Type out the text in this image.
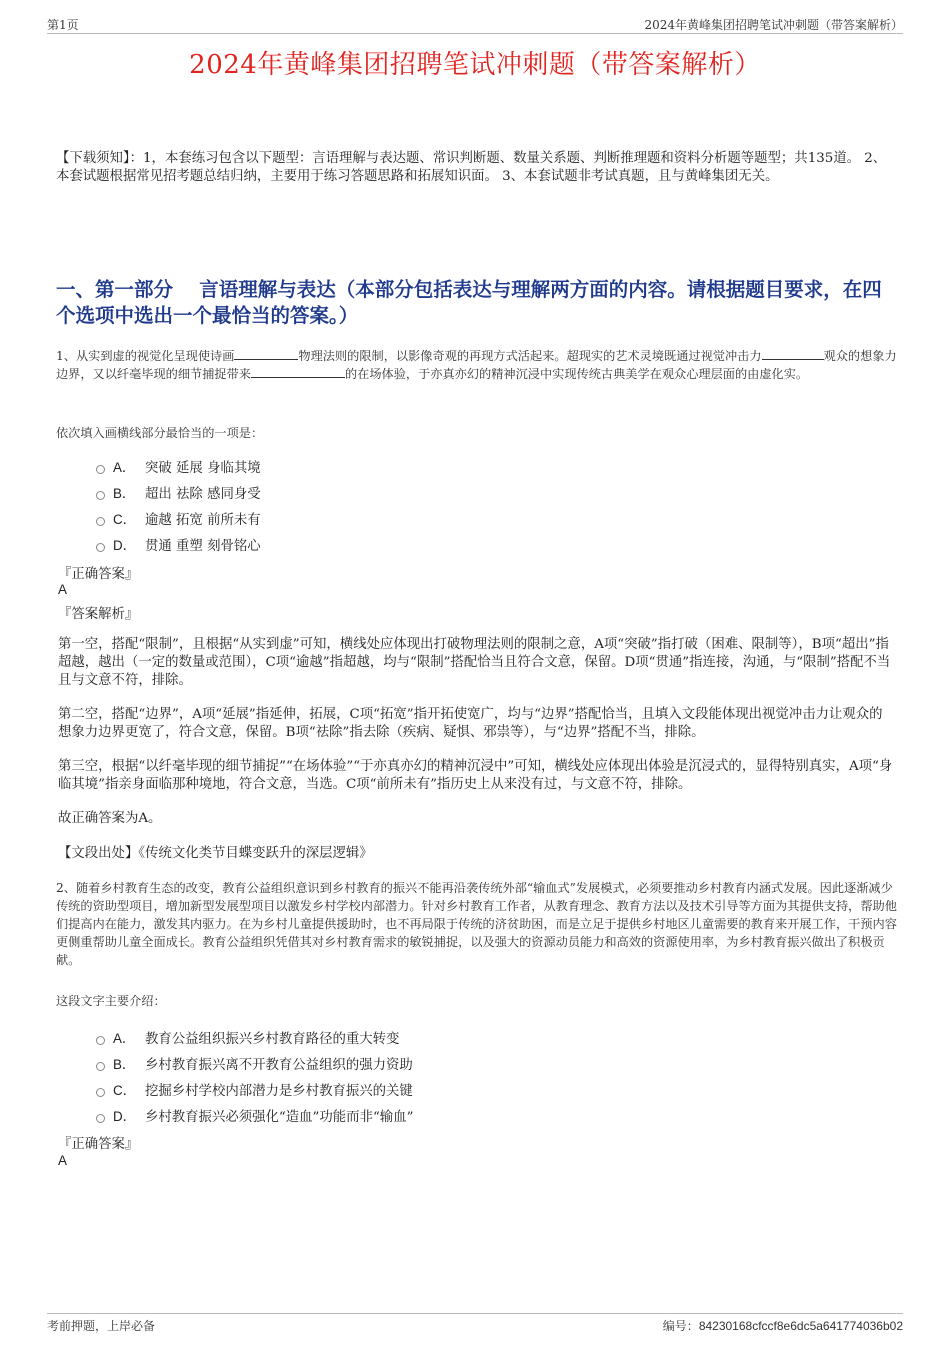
第1页	2024年黄峰集团招聘笔试冲刺题（带答案解析）
2024年黄峰集团招聘笔试冲刺题（带答案解析）

【下载须知】：1，本套练习包含以下题型：言语理解与表达题、常识判断题、数量关系题、判断推理题和资料分析题等题型；共135道。 2、本套试题根据常见招考题总结归纳，主要用于练习答题思路和拓展知识面。 3、本套试题非考试真题，且与黄峰集团无关。

一、第一部分　 言语理解与表达（本部分包括表达与理解两方面的内容。请根据题目要求，在四个选项中选出一个最恰当的答案。）

1、从实到虚的视觉化呈现使诗画	物理法则的限制，以影像奇观的再现方式活起来。超现实的艺术灵境既通过视觉冲击力	观众的想象力边界，又以纤毫毕现的细节捕捉带来	的在场体验，于亦真亦幻的精神沉浸中实现传统古典美学在观众心理层面的由虚化实。

依次填入画横线部分最恰当的一项是：

A． 突破 延展 身临其境
B． 超出 祛除 感同身受
C． 逾越 拓宽 前所未有
D． 贯通 重塑 刻骨铭心

『正确答案』

A

『答案解析』

第一空，搭配“限制”，且根据“从实到虚”可知，横线处应体现出打破物理法则的限制之意，A项“突破”指打破（困难、限制等），B项“超出”指超越，越出（一定的数量或范围），C项“逾越”指超越，均与“限制”搭配恰当且符合文意，保留。D项“贯通”指连接，沟通，与“限制”搭配不当且与文意不符，排除。

第二空，搭配“边界”，A项“延展”指延伸，拓展，C项“拓宽”指开拓使宽广，均与“边界”搭配恰当，且填入文段能体现出视觉冲击力让观众的想象力边界更宽了，符合文意，保留。B项“祛除”指去除（疾病、疑惧、邪祟等），与“边界”搭配不当，排除。

第三空，根据“以纤毫毕现的细节捕捉”“在场体验”“于亦真亦幻的精神沉浸中”可知，横线处应体现出体验是沉浸式的，显得特别真实，A项“身临其境”指亲身面临那种境地，符合文意，当选。C项“前所未有”指历史上从来没有过，与文意不符，排除。

故正确答案为A。

【文段出处】《传统文化类节目蝶变跃升的深层逻辑》

2、随着乡村教育生态的改变，教育公益组织意识到乡村教育的振兴不能再沿袭传统外部“输血式”发展模式，必须要推动乡村教育内涵式发展。因此逐渐减少传统的资助型项目，增加新型发展型项目以激发乡村学校内部潜力。针对乡村教育工作者，从教育理念、教育方法以及技术引导等方面为其提供支持，帮助他们提高内在能力，激发其内驱力。在为乡村儿童提供援助时，也不再局限于传统的济贫助困，而是立足于提供乡村地区儿童需要的教育来开展工作，干预内容更侧重帮助儿童全面成长。教育公益组织凭借其对乡村教育需求的敏锐捕捉，以及强大的资源动员能力和高效的资源使用率，为乡村教育振兴做出了积极贡献。

这段文字主要介绍：

A． 教育公益组织振兴乡村教育路径的重大转变
B． 乡村教育振兴离不开教育公益组织的强力资助
C． 挖掘乡村学校内部潜力是乡村教育振兴的关键
D． 乡村教育振兴必须强化“造血”功能而非“输血”

『正确答案』

A

考前押题，上岸必备	编号：84230168cfccf8e6dc5a641774036b02
